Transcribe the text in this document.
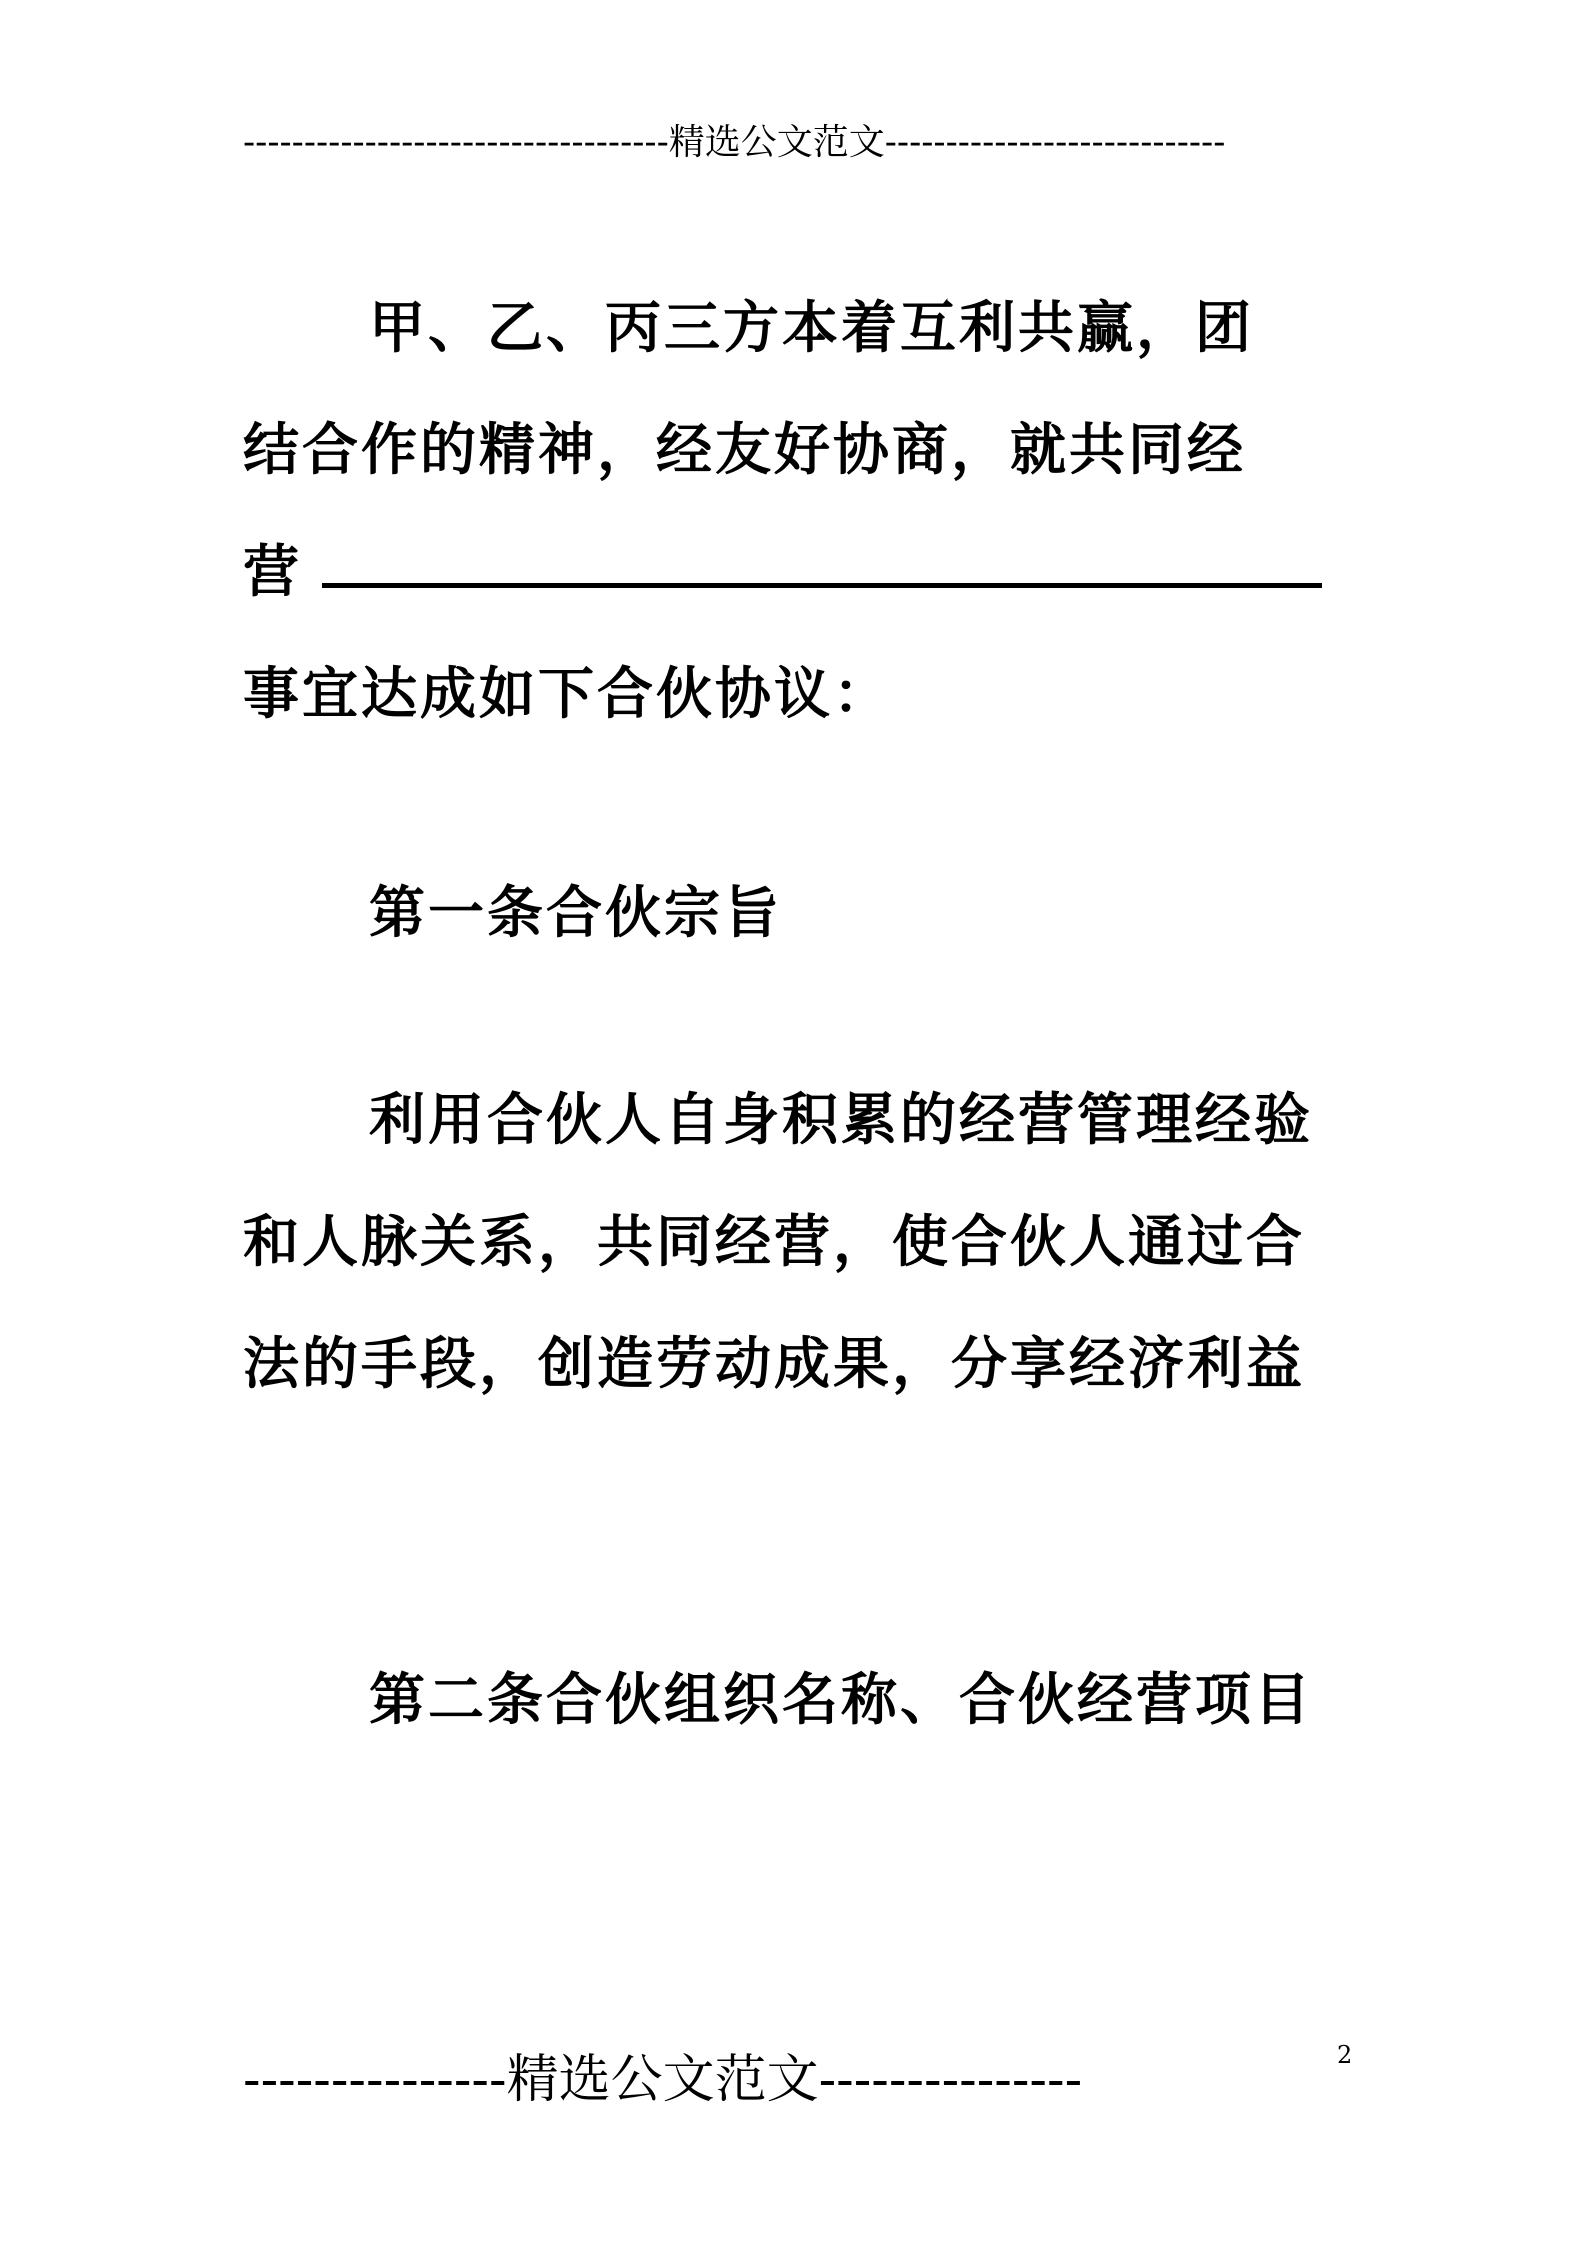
-----------------------------------精选公文范文----------------------------

甲、乙、丙三方本着互利共赢，团

结合作的精神，经友好协商，就共同经

营

事宜达成如下合伙协议：

第一条合伙宗旨

利用合伙人自身积累的经营管理经验和人脉关系，共同经营，使合伙人通过合法的手段，创造劳动成果，分享经济利益

第二条合伙组织名称、合伙经营项目

2
---------------精选公文范文---------------
